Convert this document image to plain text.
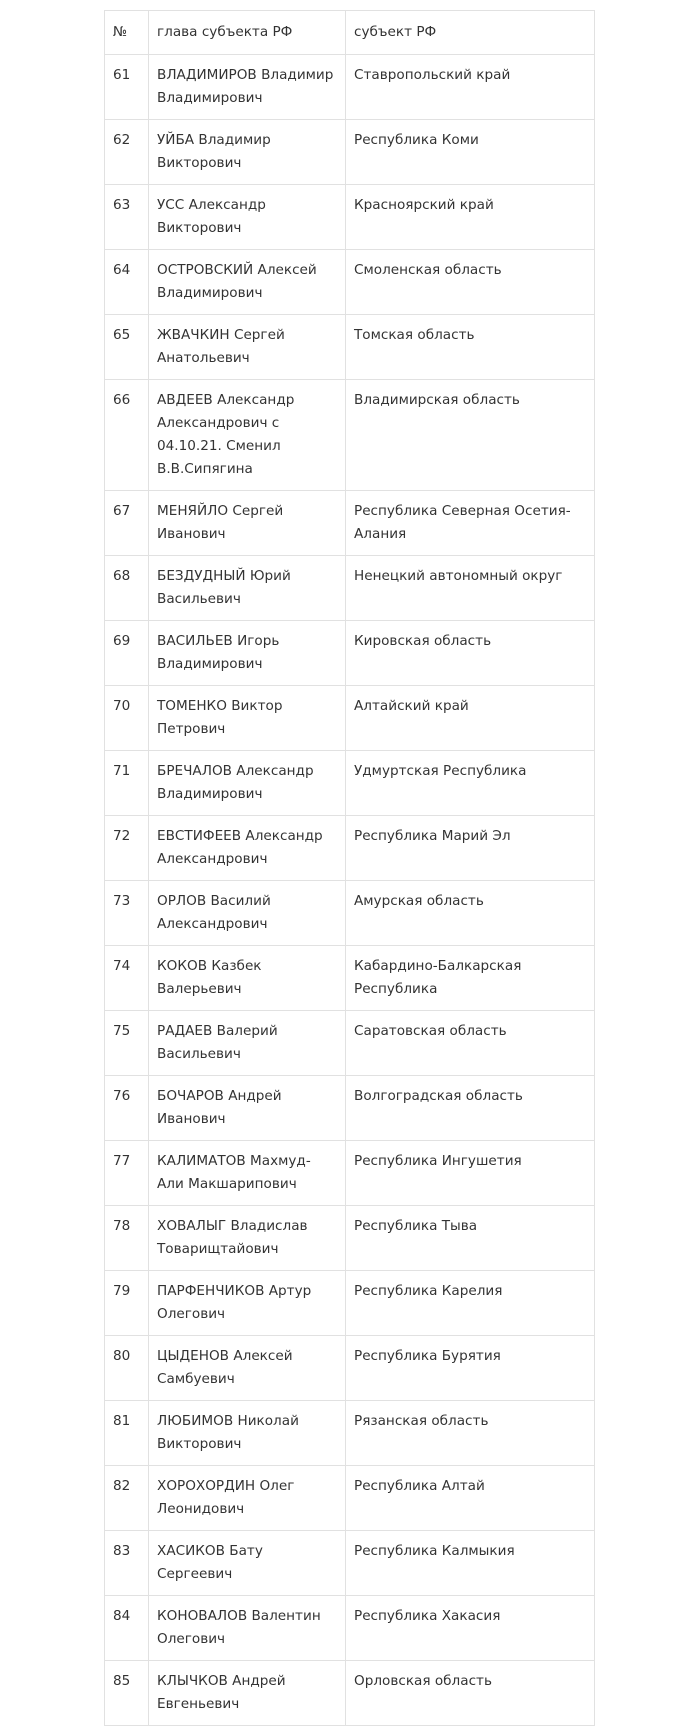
№	глава субъекта РФ	субъект РФ
61	ВЛАДИМИРОВ Владимир Владимирович	Ставропольский край
62	УЙБА Владимир Викторович	Республика Коми
63	УСС Александр Викторович	Красноярский край
64	ОСТРОВСКИЙ Алексей Владимирович	Смоленская область
65	ЖВАЧКИН Сергей Анатольевич	Томская область
66	АВДЕЕВ Александр Александрович с 04.10.21. Сменил В.В.Сипягина	Владимирская область
67	МЕНЯЙЛО Сергей Иванович	Республика Северная Осетия-Алания
68	БЕЗДУДНЫЙ Юрий Васильевич	Ненецкий автономный округ
69	ВАСИЛЬЕВ Игорь Владимирович	Кировская область
70	ТОМЕНКО Виктор Петрович	Алтайский край
71	БРЕЧАЛОВ Александр Владимирович	Удмуртская Республика
72	ЕВСТИФЕЕВ Александр Александрович	Республика Марий Эл
73	ОРЛОВ Василий Александрович	Амурская область
74	КОКОВ Казбек Валерьевич	Кабардино-Балкарская Республика
75	РАДАЕВ Валерий Васильевич	Саратовская область
76	БОЧАРОВ Андрей Иванович	Волгоградская область
77	КАЛИМАТОВ Махмуд-Али Макшарипович	Республика Ингушетия
78	ХОВАЛЫГ Владислав Товарищтайович	Республика Тыва
79	ПАРФЕНЧИКОВ Артур Олегович	Республика Карелия
80	ЦЫДЕНОВ Алексей Самбуевич	Республика Бурятия
81	ЛЮБИМОВ Николай Викторович	Рязанская область
82	ХОРОХОРДИН Олег Леонидович	Республика Алтай
83	ХАСИКОВ Бату Сергеевич	Республика Калмыкия
84	КОНОВАЛОВ Валентин Олегович	Республика Хакасия
85	КЛЫЧКОВ Андрей Евгеньевич	Орловская область
